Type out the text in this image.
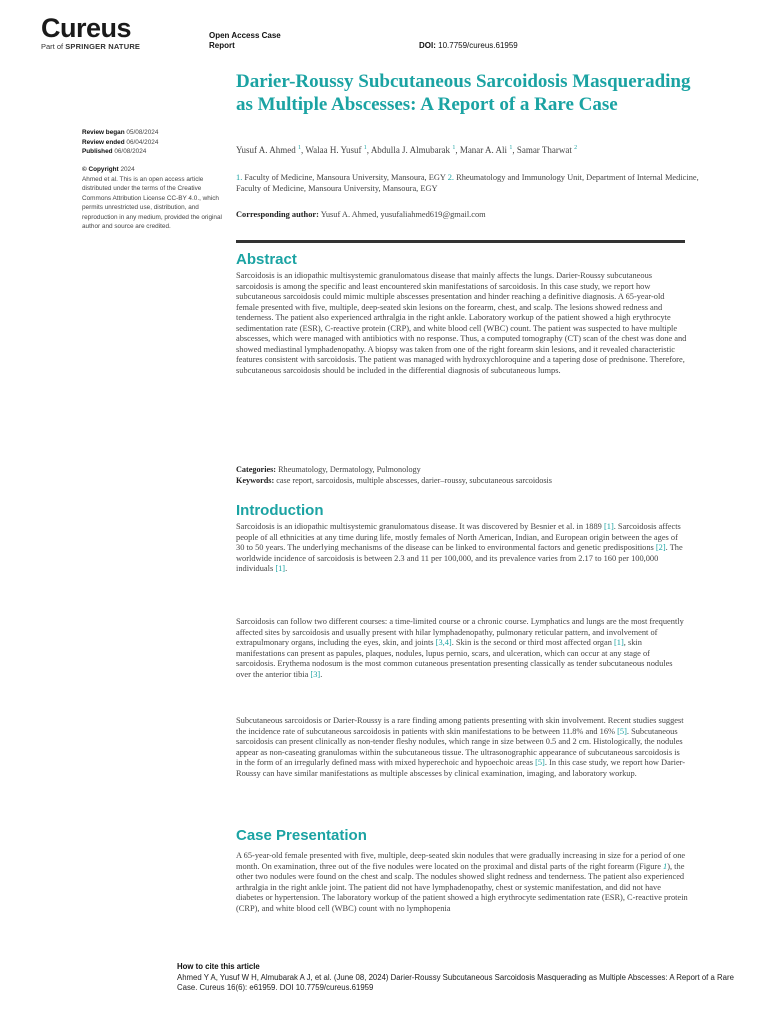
Cureus
Part of SPRINGER NATURE
Open Access Case
Report	DOI: 10.7759/cureus.61959
Darier-Roussy Subcutaneous Sarcoidosis Masquerading as Multiple Abscesses: A Report of a Rare Case
Review began 05/08/2024
Review ended 06/04/2024
Published 06/08/2024
© Copyright 2024
Ahmed et al. This is an open access article distributed under the terms of the Creative Commons Attribution License CC-BY 4.0., which permits unrestricted use, distribution, and reproduction in any medium, provided the original author and source are credited.
Yusuf A. Ahmed $^1$, Walaa H. Yusuf $^1$, Abdulla J. Almubarak $^1$, Manar A. Ali $^1$, Samar Tharwat $^2$
1. Faculty of Medicine, Mansoura University, Mansoura, EGY 2. Rheumatology and Immunology Unit, Department of Internal Medicine, Faculty of Medicine, Mansoura University, Mansoura, EGY
Corresponding author: Yusuf A. Ahmed, yusufaliahmed619@gmail.com
Abstract

Sarcoidosis is an idiopathic multisystemic granulomatous disease that mainly affects the lungs. Darier-Roussy subcutaneous sarcoidosis is among the specific and least encountered skin manifestations of sarcoidosis. In this case study, we report how subcutaneous sarcoidosis could mimic multiple abscesses presentation and hinder reaching a definitive diagnosis. A 65-year-old female presented with five, multiple, deep-seated skin lesions on the forearm, chest, and scalp. The lesions showed redness and tenderness. The patient also experienced arthralgia in the right ankle. Laboratory workup of the patient showed a high erythrocyte sedimentation rate (ESR), C-reactive protein (CRP), and white blood cell (WBC) count. The patient was suspected to have multiple abscesses, which were managed with antibiotics with no response. Thus, a computed tomography (CT) scan of the chest was done and showed mediastinal lymphadenopathy. A biopsy was taken from one of the right forearm skin lesions, and it revealed characteristic features consistent with sarcoidosis. The patient was managed with hydroxychloroquine and a tapering dose of prednisone. Therefore, subcutaneous sarcoidosis should be included in the differential diagnosis of subcutaneous lumps.

Categories: Rheumatology, Dermatology, Pulmonology
Keywords: case report, sarcoidosis, multiple abscesses, darier–roussy, subcutaneous sarcoidosis
Introduction

Sarcoidosis is an idiopathic multisystemic granulomatous disease. It was discovered by Besnier et al. in 1889 [1]. Sarcoidosis affects people of all ethnicities at any time during life, mostly females of North American, Indian, and European origin between the ages of 30 to 50 years. The underlying mechanisms of the disease can be linked to environmental factors and genetic predispositions [2]. The worldwide incidence of sarcoidosis is between 2.3 and 11 per 100,000, and its prevalence varies from 2.17 to 160 per 100,000 individuals [1].

Sarcoidosis can follow two different courses: a time-limited course or a chronic course. Lymphatics and lungs are the most frequently affected sites by sarcoidosis and usually present with hilar lymphadenopathy, pulmonary reticular pattern, and involvement of extrapulmonary organs, including the eyes, skin, and joints [3,4]. Skin is the second or third most affected organ [1], skin manifestations can present as papules, plaques, nodules, lupus pernio, scars, and ulceration, which can occur at any stage of sarcoidosis. Erythema nodosum is the most common cutaneous presentation presenting classically as tender subcutaneous nodules over the anterior tibia [3].

Subcutaneous sarcoidosis or Darier-Roussy is a rare finding among patients presenting with skin involvement. Recent studies suggest the incidence rate of subcutaneous sarcoidosis in patients with skin manifestations to be between 11.8% and 16% [5]. Subcutaneous sarcoidosis can present clinically as non-tender fleshy nodules, which range in size between 0.5 and 2 cm. Histologically, the nodules appear as non-caseating granulomas within the subcutaneous tissue. The ultrasonographic appearance of subcutaneous sarcoidosis is in the form of an irregularly defined mass with mixed hyperechoic and hypoechoic areas [5]. In this case study, we report how Darier-Roussy can have similar manifestations as multiple abscesses by clinical examination, imaging, and laboratory workup.

Case Presentation

A 65-year-old female presented with five, multiple, deep-seated skin nodules that were gradually increasing in size for a period of one month. On examination, three out of the five nodules were located on the proximal and distal parts of the right forearm (Figure 1), the other two nodules were found on the chest and scalp. The nodules showed slight redness and tenderness. The patient also experienced arthralgia in the right ankle joint. The patient did not have lymphadenopathy, chest or systemic manifestation, and did not have diabetes or hypertension. The laboratory workup of the patient showed a high erythrocyte sedimentation rate (ESR), C-reactive protein (CRP), and white blood cell (WBC) count with no lymphopenia

How to cite this article
Ahmed Y A, Yusuf W H, Almubarak A J, et al. (June 08, 2024) Darier-Roussy Subcutaneous Sarcoidosis Masquerading as Multiple Abscesses: A Report of a Rare Case. Cureus 16(6): e61959. DOI 10.7759/cureus.61959
